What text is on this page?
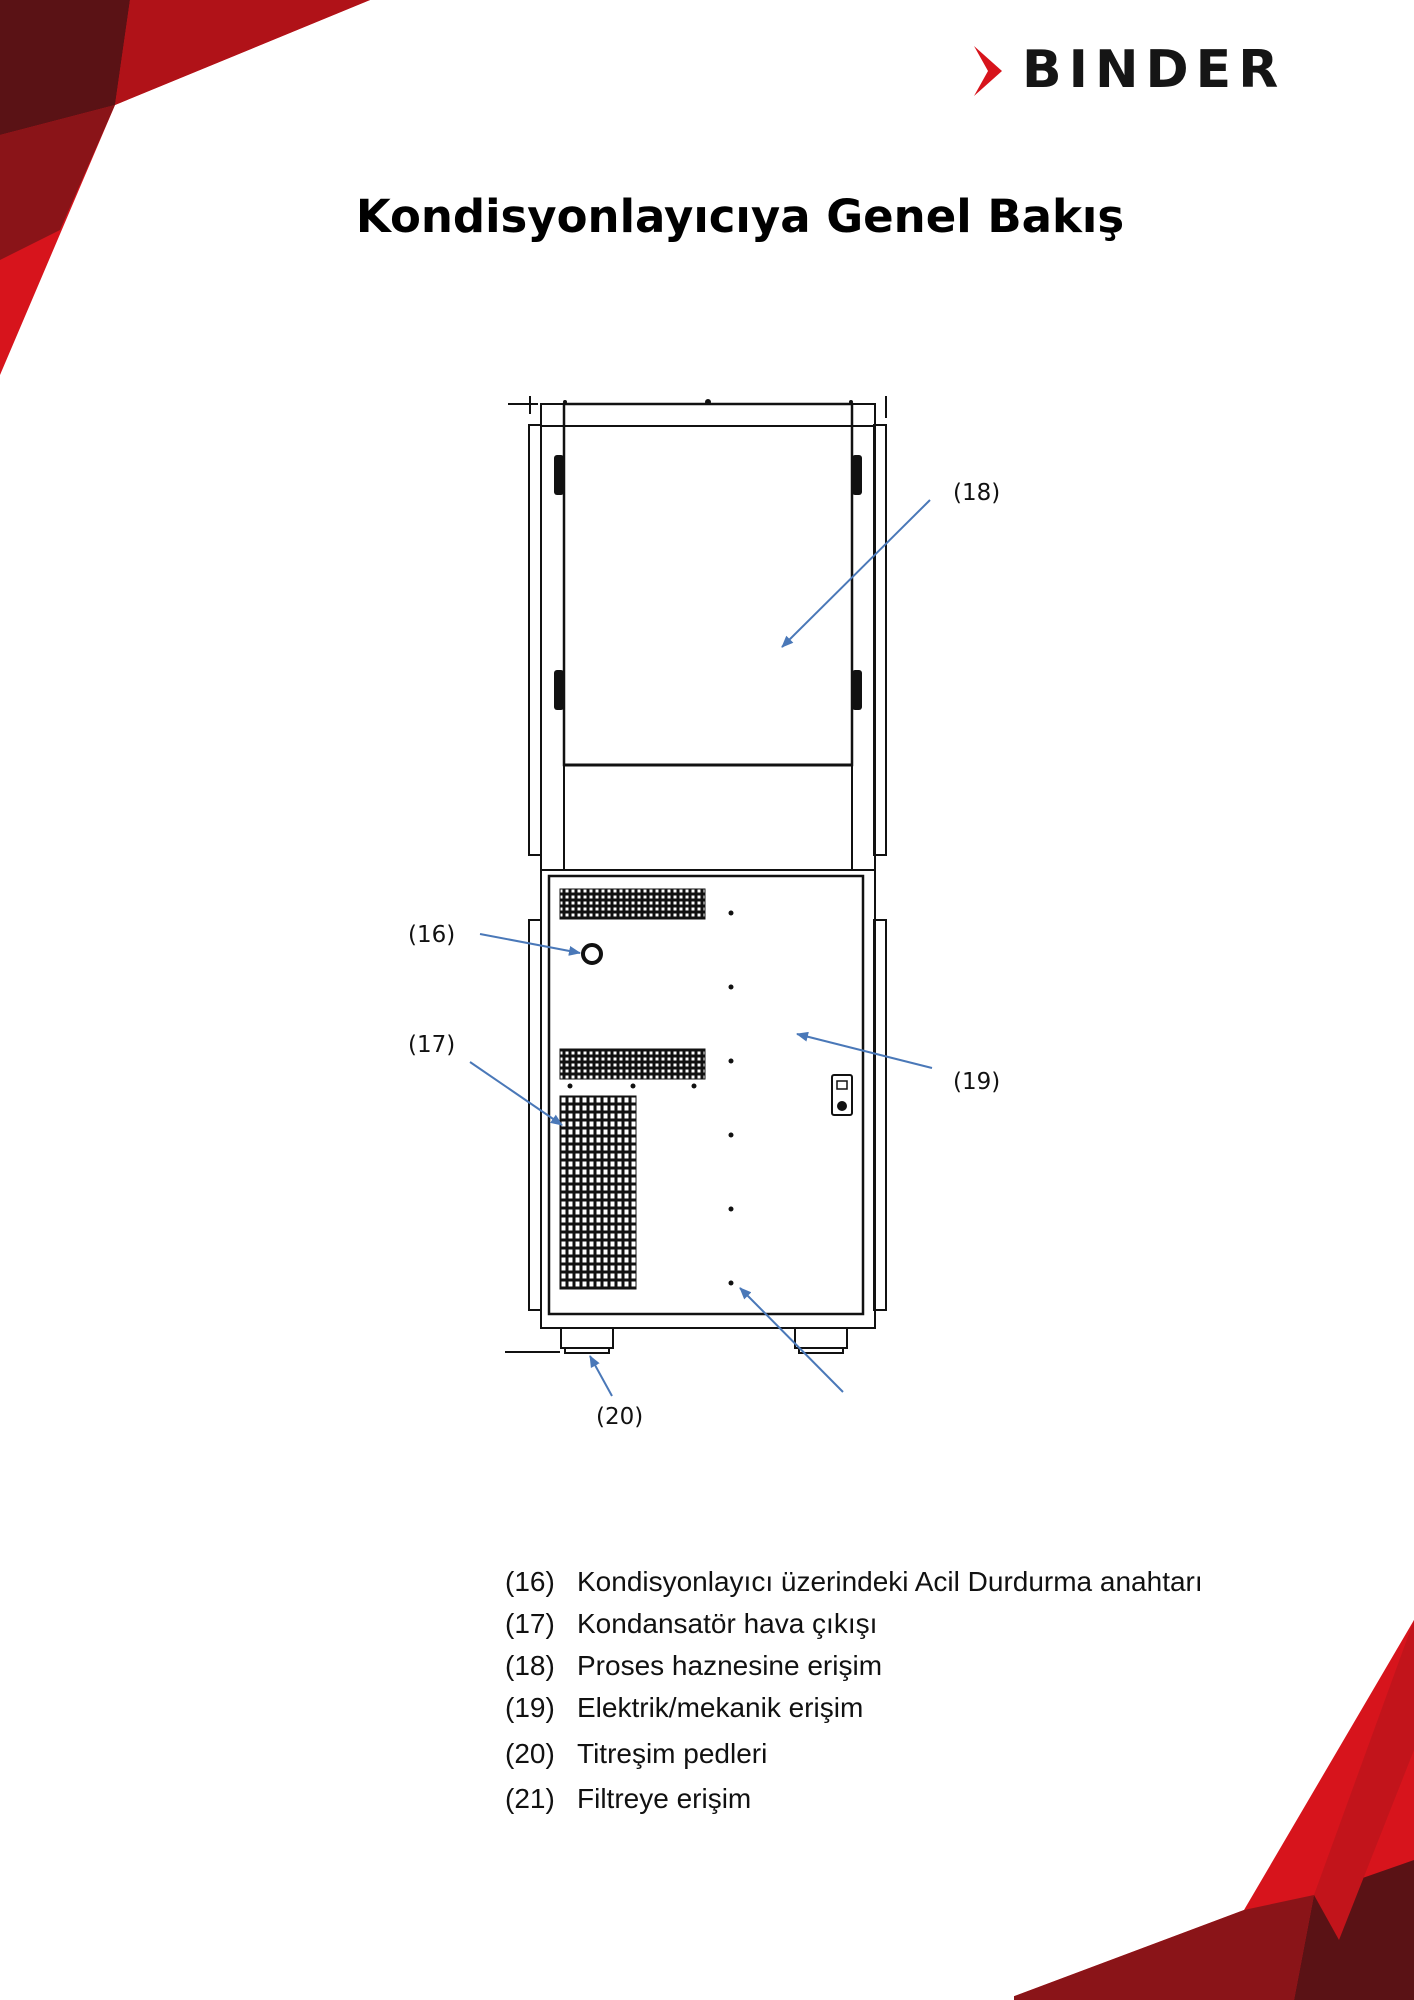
BINDER
Kondisyonlayıcıya Genel Bakış
(18)
(16)
(17)
(19)
(20)
(16) Kondisyonlayıcı üzerindeki Acil Durdurma anahtarı
(17) Kondansatör hava çıkışı
(18) Proses haznesine erişim
(19) Elektrik/mekanik erişim
(20) Titreşim pedleri
(21) Filtreye erişim
